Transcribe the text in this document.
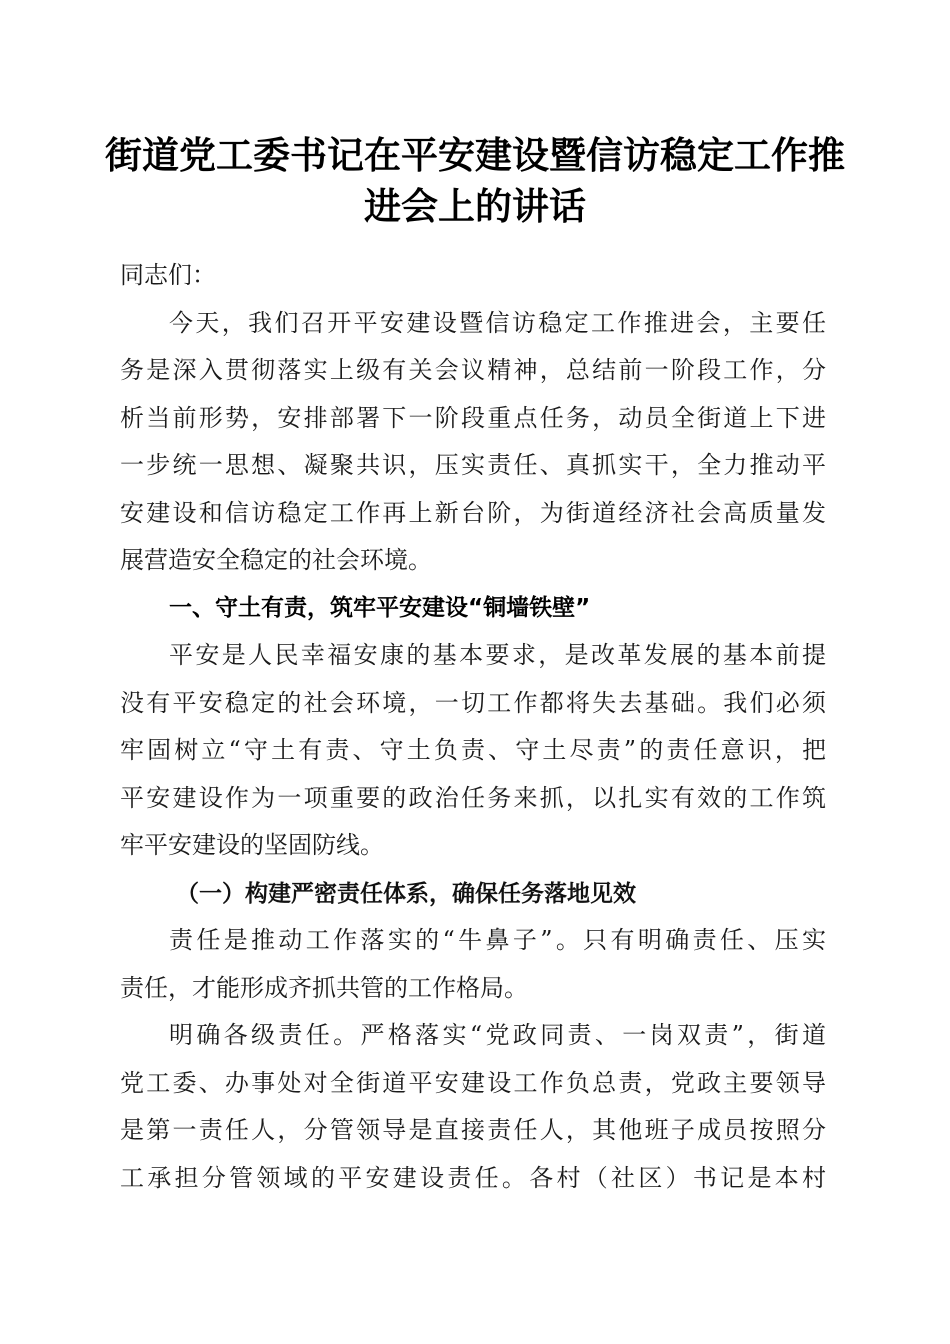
街道党工委书记在平安建设暨信访稳定工作推
进会上的讲话
同志们：
今天，我们召开平安建设暨信访稳定工作推进会，主要任
务是深入贯彻落实上级有关会议精神，总结前一阶段工作，分
析当前形势，安排部署下一阶段重点任务，动员全街道上下进
一步统一思想、凝聚共识，压实责任、真抓实干，全力推动平
安建设和信访稳定工作再上新台阶，为街道经济社会高质量发
展营造安全稳定的社会环境。
一、守土有责，筑牢平安建设“铜墙铁壁”
平安是人民幸福安康的基本要求，是改革发展的基本前提
没有平安稳定的社会环境，一切工作都将失去基础。我们必须
牢固树立“守土有责、守土负责、守土尽责”的责任意识，把
平安建设作为一项重要的政治任务来抓，以扎实有效的工作筑
牢平安建设的坚固防线。
（一）构建严密责任体系，确保任务落地见效
责任是推动工作落实的“牛鼻子”。只有明确责任、压实
责任，才能形成齐抓共管的工作格局。
明确各级责任。严格落实“党政同责、一岗双责”，街道
党工委、办事处对全街道平安建设工作负总责，党政主要领导
是第一责任人，分管领导是直接责任人，其他班子成员按照分
工承担分管领域的平安建设责任。各村（社区）书记是本村
